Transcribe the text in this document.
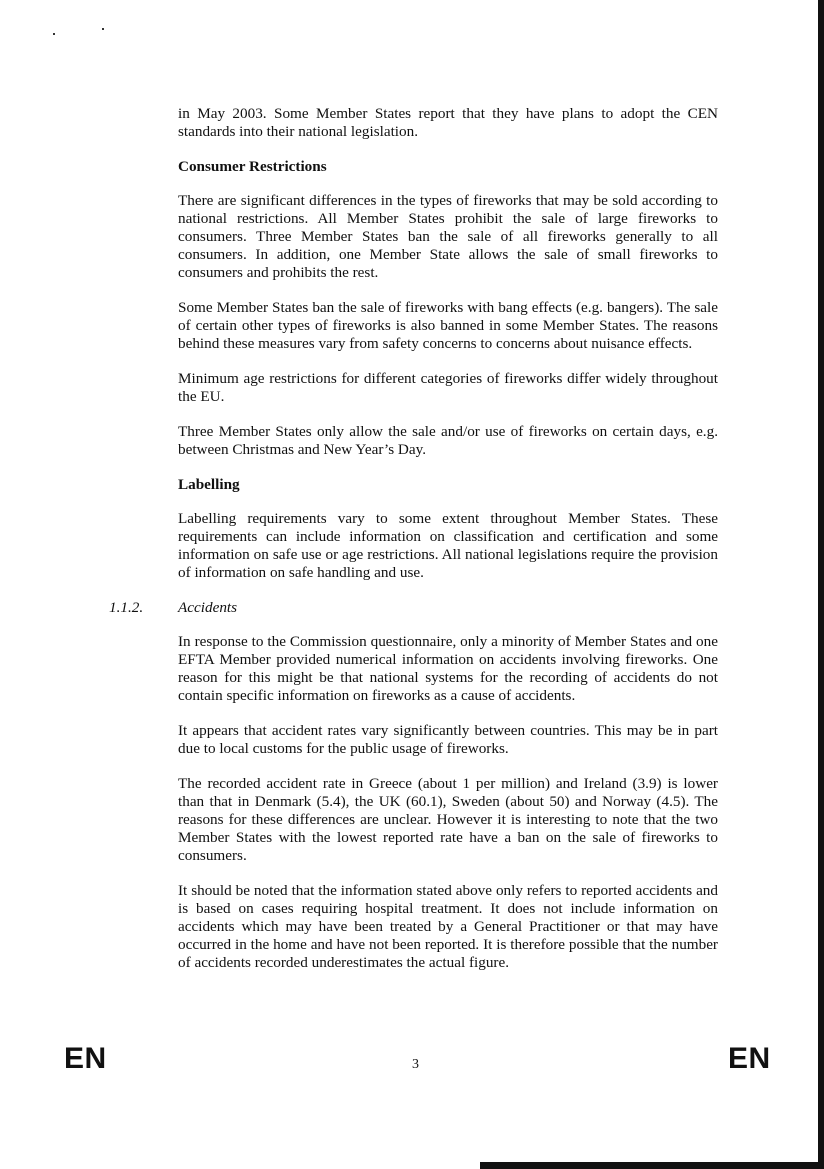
in May 2003. Some Member States report that they have plans to adopt the CEN standards into their national legislation.

Consumer Restrictions

There are significant differences in the types of fireworks that may be sold according to national restrictions. All Member States prohibit the sale of large fireworks to consumers. Three Member States ban the sale of all fireworks generally to all consumers. In addition, one Member State allows the sale of small fireworks to consumers and prohibits the rest.

Some Member States ban the sale of fireworks with bang effects (e.g. bangers). The sale of certain other types of fireworks is also banned in some Member States. The reasons behind these measures vary from safety concerns to concerns about nuisance effects.

Minimum age restrictions for different categories of fireworks differ widely throughout the EU.

Three Member States only allow the sale and/or use of fireworks on certain days, e.g. between Christmas and New Year’s Day.

Labelling

Labelling requirements vary to some extent throughout Member States. These requirements can include information on classification and certification and some information on safe use or age restrictions. All national legislations require the provision of information on safe handling and use.

1.1.2. Accidents

In response to the Commission questionnaire, only a minority of Member States and one EFTA Member provided numerical information on accidents involving fireworks. One reason for this might be that national systems for the recording of accidents do not contain specific information on fireworks as a cause of accidents.

It appears that accident rates vary significantly between countries. This may be in part due to local customs for the public usage of fireworks.

The recorded accident rate in Greece (about 1 per million) and Ireland (3.9) is lower than that in Denmark (5.4), the UK (60.1), Sweden (about 50) and Norway (4.5). The reasons for these differences are unclear. However it is interesting to note that the two Member States with the lowest reported rate have a ban on the sale of fireworks to consumers.

It should be noted that the information stated above only refers to reported accidents and is based on cases requiring hospital treatment. It does not include information on accidents which may have been treated by a General Practitioner or that may have occurred in the home and have not been reported. It is therefore possible that the number of accidents recorded underestimates the actual figure.

EN	3	EN
